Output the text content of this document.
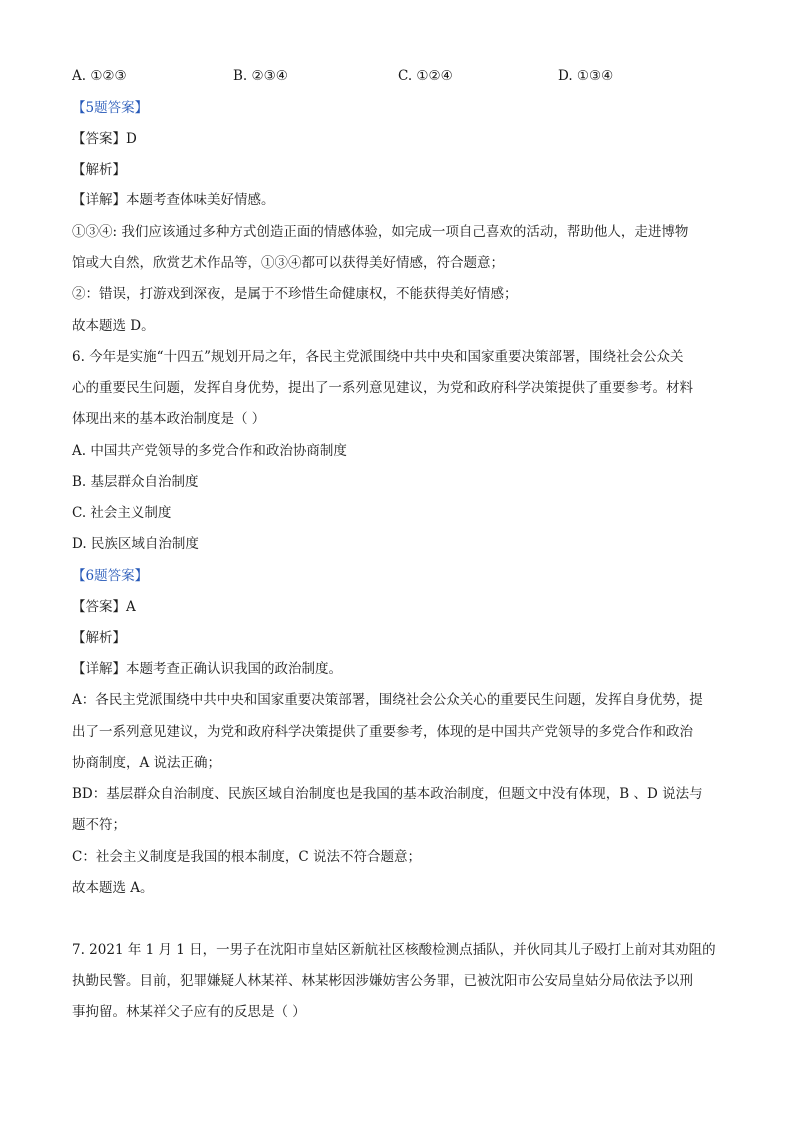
A. ①②③	B. ②③④	C. ①②④	D. ①③④
【5题答案】
【答案】D
【解析】
【详解】本题考查体味美好情感。
①③④: 我们应该通过多种方式创造正面的情感体验，如完成一项自己喜欢的活动，帮助他人，走进博物
馆或大自然，欣赏艺术作品等，①③④都可以获得美好情感，符合题意；
②：错误，打游戏到深夜，是属于不珍惜生命健康权，不能获得美好情感；
故本题选 D。
6. 今年是实施“十四五”规划开局之年，各民主党派围绕中共中央和国家重要决策部署，围绕社会公众关
心的重要民生问题，发挥自身优势，提出了一系列意见建议，为党和政府科学决策提供了重要参考。材料
体现出来的基本政治制度是（ ）
A. 中国共产党领导的多党合作和政治协商制度
B. 基层群众自治制度
C. 社会主义制度
D. 民族区域自治制度
【6题答案】
【答案】A
【解析】
【详解】本题考查正确认识我国的政治制度。
A：各民主党派围绕中共中央和国家重要决策部署，围绕社会公众关心的重要民生问题，发挥自身优势，提
出了一系列意见建议，为党和政府科学决策提供了重要参考，体现的是中国共产党领导的多党合作和政治
协商制度，A 说法正确；
BD：基层群众自治制度、民族区域自治制度也是我国的基本政治制度，但题文中没有体现，B 、D 说法与
题不符；
C：社会主义制度是我国的根本制度，C 说法不符合题意；
故本题选 A。
7. 2021 年 1 月 1 日，一男子在沈阳市皇姑区新航社区核酸检测点插队，并伙同其儿子殴打上前对其劝阻的
执勤民警。目前，犯罪嫌疑人林某祥、林某彬因涉嫌妨害公务罪，已被沈阳市公安局皇姑分局依法予以刑
事拘留。林某祥父子应有的反思是（ ）
